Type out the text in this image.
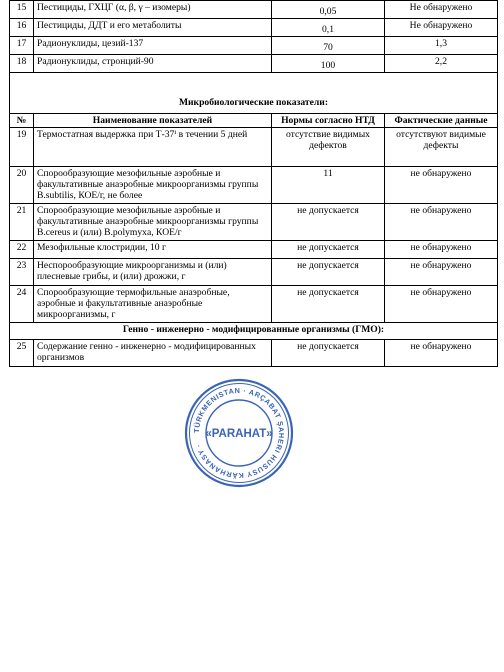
15	Пестициды, ГХЦГ (α, β, γ – изомеры)	0,05	Не обнаружено
16	Пестициды, ДДТ и его метаболиты	0,1	Не обнаружено
17	Радионуклиды, цезий-137	70	1,3
18	Радионуклиды, стронций-90	100	2,2
Микробиологические показатели:			
№	Наименование показателей	Нормы согласно НТД	Фактические данные
19	Термостатная выдержка при Т-37ⁱ в течении 5 дней	отсутствие видимых дефектов	отсутствуют видимые дефекты
20	Спорообразующие мезофильные аэробные и факультативные анаэробные микроорганизмы группы B.subtilis, КОЕ/г, не более	11	не обнаружено
21	Спорообразующие мезофильные аэробные и факультативные анаэробные микроорганизмы группы B.cereus и (или) B.polymyxa, КОЕ/г	не допускается	не обнаружено
22	Мезофильные клостридии, 10 г	не допускается	не обнаружено
23	Неспорообразующие микроорганизмы и (или) плесневые грибы, и (или) дрожжи, г	не допускается	не обнаружено
24	Спорообразующие термофильные анаэробные, аэробные и факультативные анаэробные микроорганизмы, г	не допускается	не обнаружено
Генно - инженерно - модифицированные организмы (ГМО):			
25	Содержание генно - инженерно - модифицированных организмов	не допускается	не обнаружено
TÜRKMENISTAN · ARÇABAT ŞAHERI HUSUSY KÄRHANASY ·
«PARAHAT»
